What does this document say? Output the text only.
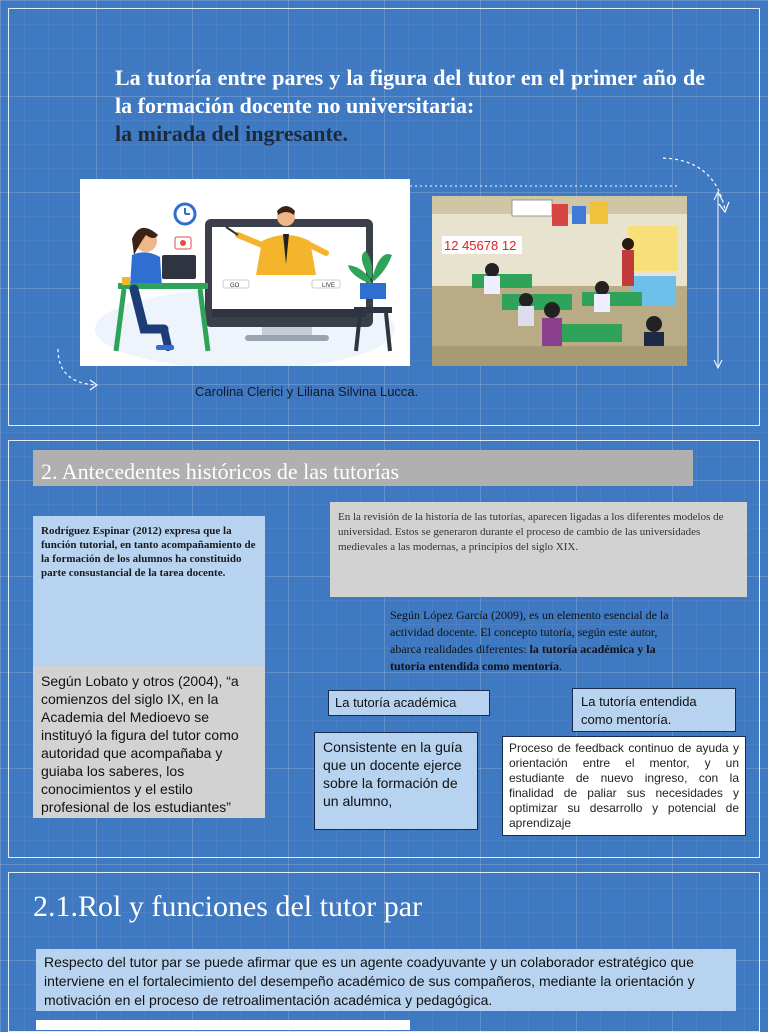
La tutoría entre pares y la figura del tutor en el primer año de la formación docente no universitaria:
la mirada del ingresante.
GO	LIVE
12 45678 12
Carolina Clerici y Liliana Silvina Lucca.
2. Antecedentes históricos de las tutorías
Rodríguez Espinar (2012) expresa que la función tutorial, en tanto acompañamiento de la formación de los alumnos ha constituido parte consustancial de la tarea docente.
Según Lobato y otros (2004), “a comienzos del siglo IX, en la Academia del Medioevo se instituyó la figura del tutor como autoridad que acompañaba y guiaba los saberes, los conocimientos y el estilo profesional de los estudiantes”
En la revisión de la historia de las tutorías, aparecen ligadas a los diferentes modelos de universidad. Estos se generaron durante el proceso de cambio de las universidades medievales a las modernas, a principios del siglo XIX.
Según López García (2009), es un elemento esencial de la actividad docente. El concepto tutoría, según este autor, abarca realidades diferentes: la tutoría académica y la tutoría entendida como mentoría.
La tutoría académica	La tutoría entendida como mentoría.
Consistente en la guía que un docente ejerce sobre la formación de un alumno,
Proceso de feedback continuo de ayuda y orientación entre el mentor, y un estudiante de nuevo ingreso, con la finalidad de paliar sus necesidades y optimizar su desarrollo y potencial de aprendizaje
2.1.Rol y funciones del tutor par
Respecto del tutor par se puede afirmar que es un agente coadyuvante y un colaborador estratégico que interviene en el fortalecimiento del desempeño académico de sus compañeros, mediante la orientación y motivación en el proceso de retroalimentación académica y pedagógica.
